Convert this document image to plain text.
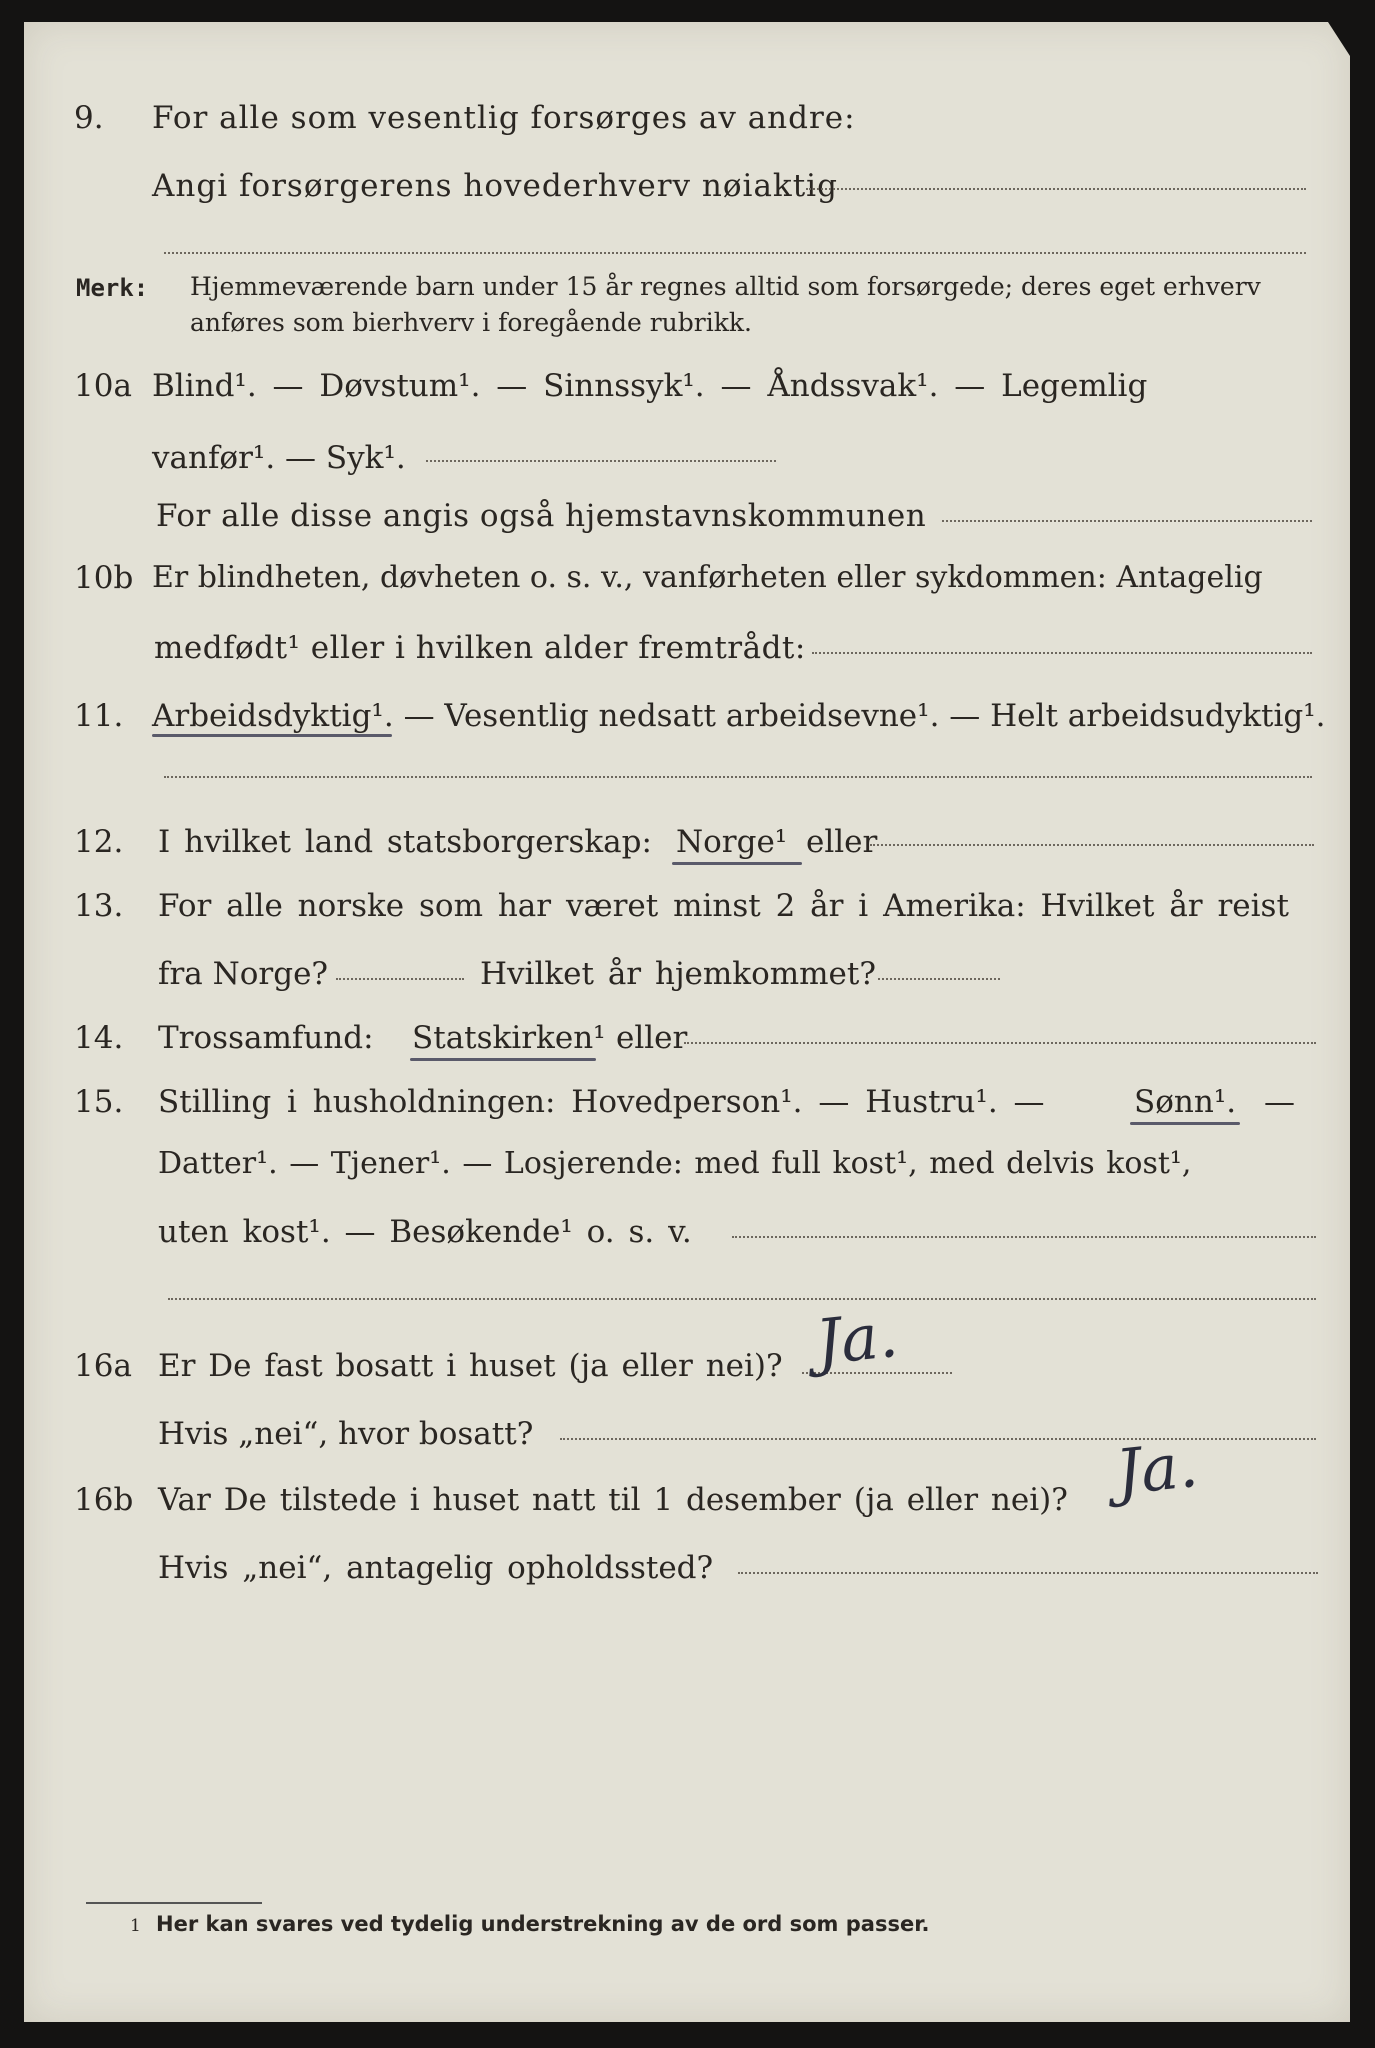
9. For alle som vesentlig forsørges av andre:
Angi forsørgerens hovederhverv nøiaktig
Merk: Hjemmeværende barn under 15 år regnes alltid som forsørgede; deres eget erhverv
anføres som bierhverv i foregående rubrikk.
10a Blind¹. — Døvstum¹. — Sinnssyk¹. — Åndssvak¹. — Legemlig
vanfør¹. — Syk¹.
For alle disse angis også hjemstavnskommunen
10b Er blindheten, døvheten o. s. v., vanførheten eller sykdommen: Antagelig
medfødt¹ eller i hvilken alder fremtrådt:
11. Arbeidsdyktig¹. — Vesentlig nedsatt arbeidsevne¹. — Helt arbeidsudyktig¹.
12. I hvilket land statsborgerskap: Norge¹ eller
13. For alle norske som har været minst 2 år i Amerika: Hvilket år reist
fra Norge?	Hvilket år hjemkommet?
14. Trossamfund: Statskirken¹ eller
15. Stilling i husholdningen: Hovedperson¹. — Hustru¹. —	Sønn¹. —
Datter¹. — Tjener¹. — Losjerende: med full kost¹, med delvis kost¹,
uten kost¹. — Besøkende¹ o. s. v.
16a Er De fast bosatt i huset (ja eller nei)? Ja.
Hvis „nei“, hvor bosatt?
16b Var De tilstede i huset natt til 1 desember (ja eller nei)? Ja.
Hvis „nei“, antagelig opholdssted?
1 Her kan svares ved tydelig understrekning av de ord som passer.
